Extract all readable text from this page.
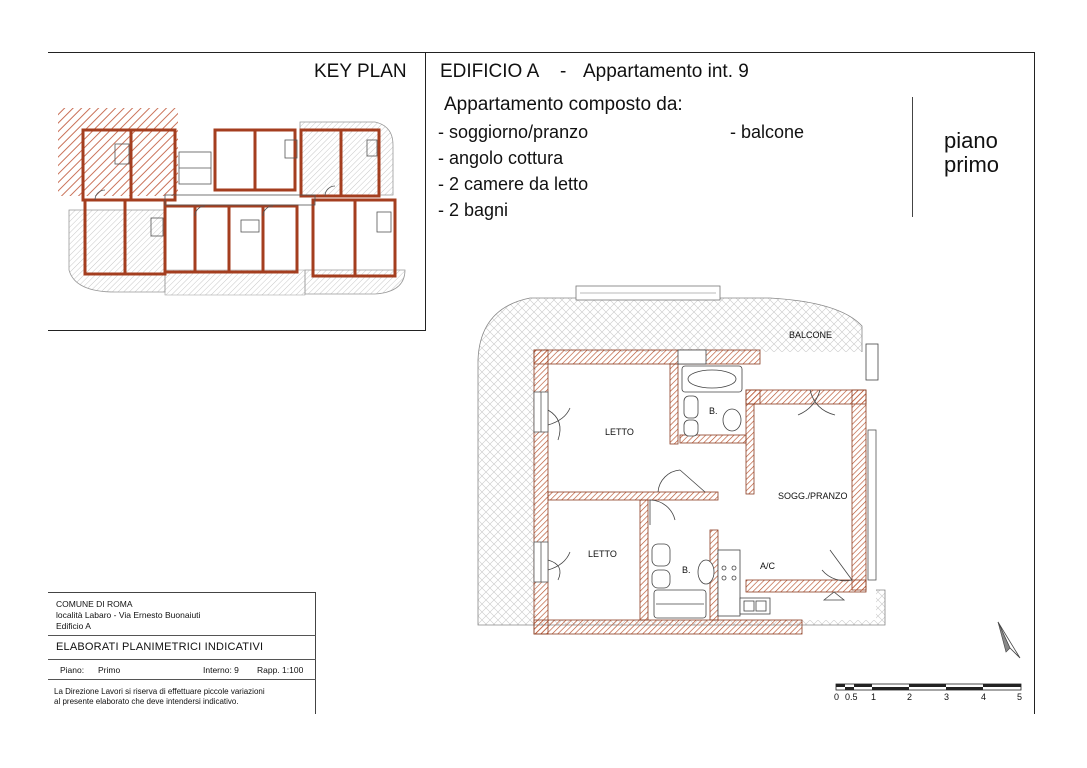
KEY PLAN EDIFICIO A - Appartamento int. 9
Appartamento composto da:
- soggiorno/pranzo
- angolo cottura
- 2 camere da letto
- 2 bagni
- balcone	piano
primo
BALCONE
LETTO
LETTO
B.
B.
SOGG./PRANZO
A/C
0 0.5 1	2	3	4	5
COMUNE DI ROMA
località Labaro - Via Ernesto Buonaiuti
Edificio A
ELABORATI PLANIMETRICI INDICATIVI
Piano: Primo	Interno: 9 Rapp. 1:100
La Direzione Lavori si riserva di effettuare piccole variazioni
al presente elaborato che deve intendersi indicativo.
